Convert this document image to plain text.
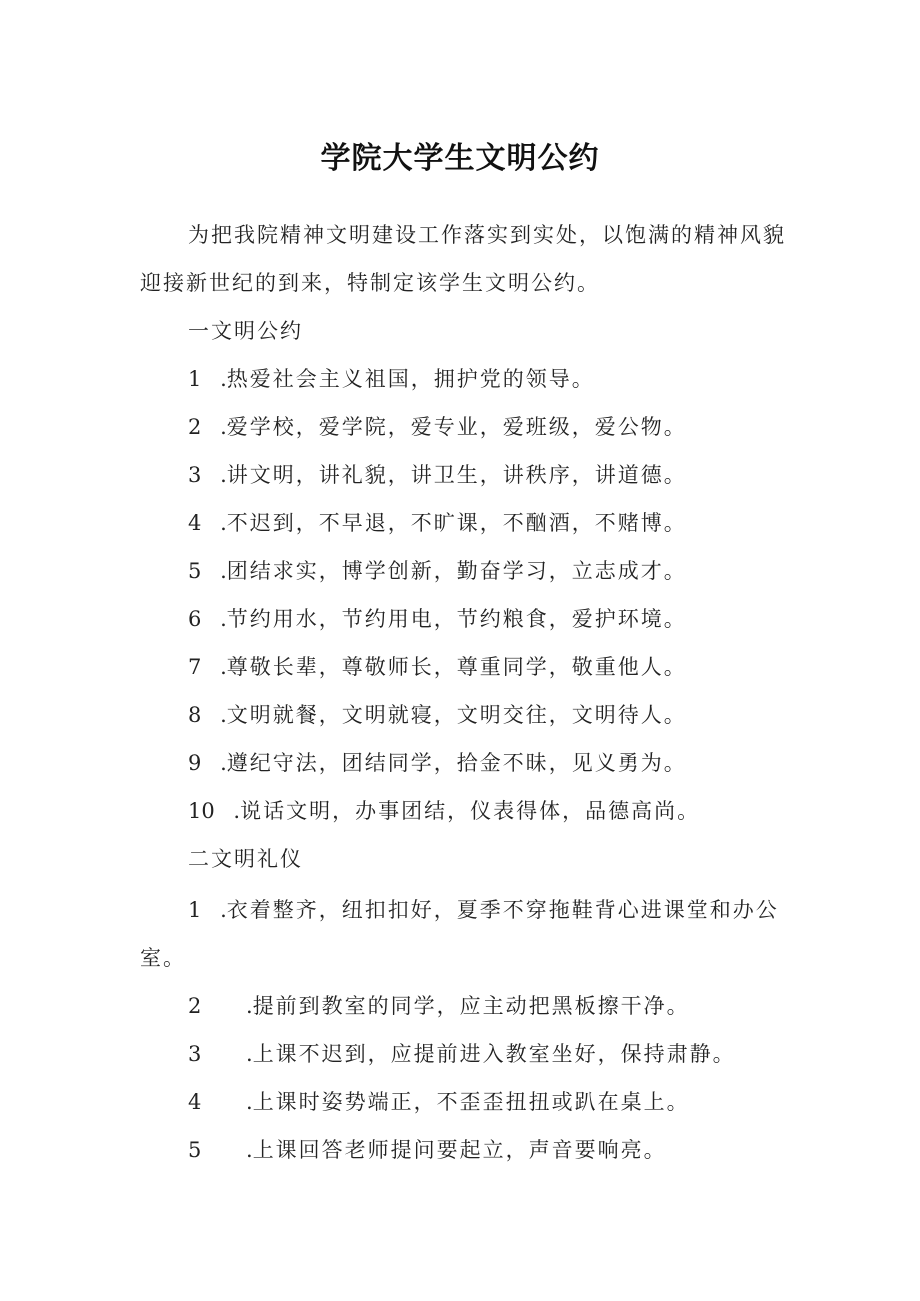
学院大学生文明公约
为把我院精神文明建设工作落实到实处，以饱满的精神风貌
迎接新世纪的到来，特制定该学生文明公约。
一文明公约
1 .热爱社会主义祖国，拥护党的领导。
2 .爱学校，爱学院，爱专业，爱班级，爱公物。
3 .讲文明，讲礼貌，讲卫生，讲秩序，讲道德。
4 .不迟到，不早退，不旷课，不酗酒，不赌博。
5 .团结求实，博学创新，勤奋学习，立志成才。
6 .节约用水，节约用电，节约粮食，爱护环境。
7 .尊敬长辈，尊敬师长，尊重同学，敬重他人。
8 .文明就餐，文明就寝，文明交往，文明待人。
9 .遵纪守法，团结同学，拾金不昧，见义勇为。
10 .说话文明，办事团结，仪表得体，品德高尚。
二文明礼仪
1 .衣着整齐，纽扣扣好，夏季不穿拖鞋背心进课堂和办公
室。
2 .提前到教室的同学，应主动把黑板擦干净。
3 .上课不迟到，应提前进入教室坐好，保持肃静。
4 .上课时姿势端正，不歪歪扭扭或趴在桌上。
5 .上课回答老师提问要起立，声音要响亮。
